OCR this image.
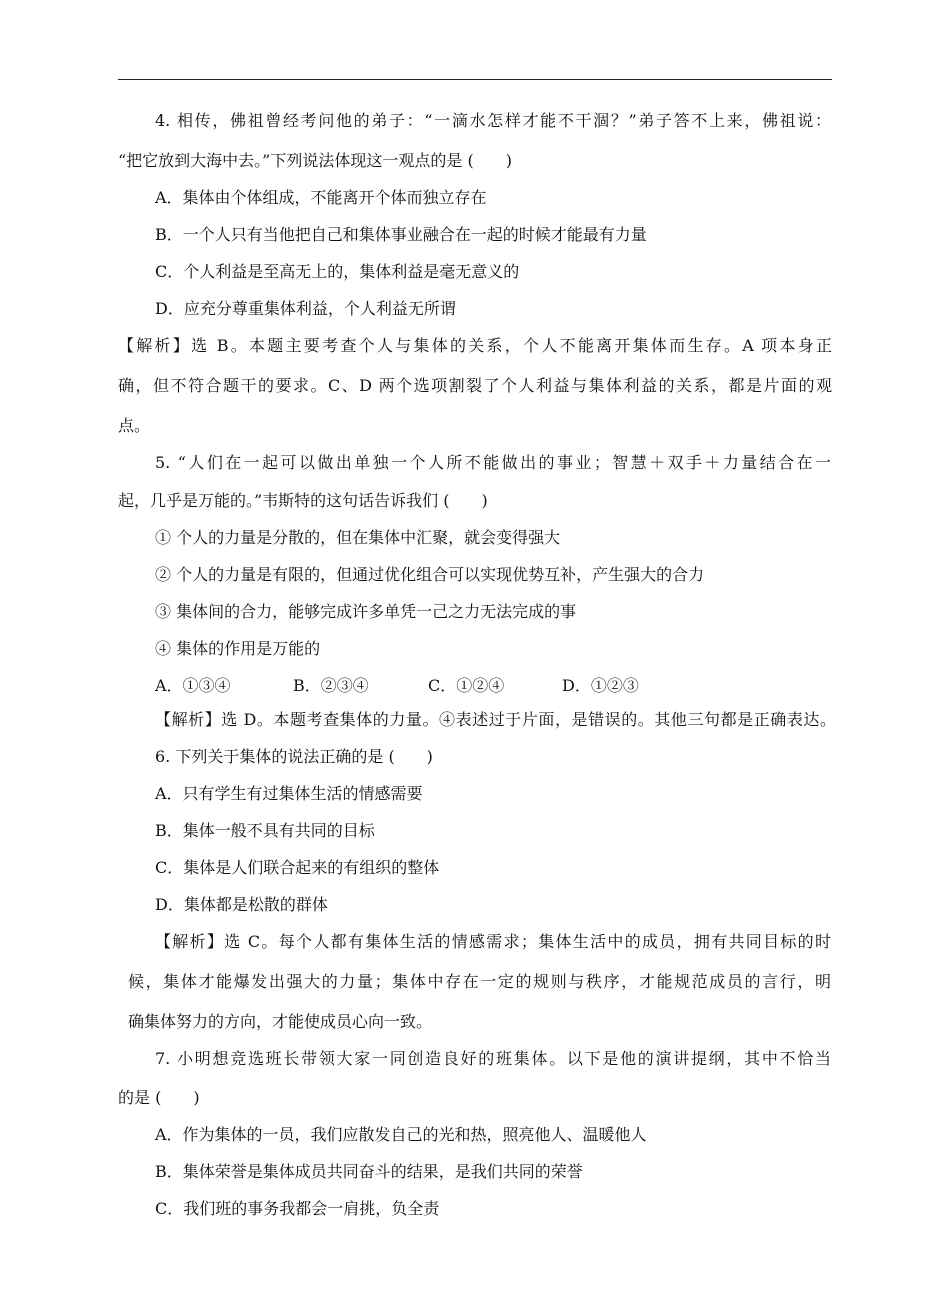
4. 相传，佛祖曾经考问他的弟子：“一滴水怎样才能不干涸？”弟子答不上来，佛祖说：

“把它放到大海中去。”下列说法体现这一观点的是 (　　)

A．集体由个体组成，不能离开个体而独立存在

B．一个人只有当他把自己和集体事业融合在一起的时候才能最有力量

C．个人利益是至高无上的，集体利益是毫无意义的

D．应充分尊重集体利益，个人利益无所谓

【解析】选 B。本题主要考查个人与集体的关系，个人不能离开集体而生存。A 项本身正

确，但不符合题干的要求。C、D 两个选项割裂了个人利益与集体利益的关系，都是片面的观

点。

5. “人们在一起可以做出单独一个人所不能做出的事业；智慧＋双手＋力量结合在一

起，几乎是万能的。”韦斯特的这句话告诉我们 (　　)

① 个人的力量是分散的，但在集体中汇聚，就会变得强大

② 个人的力量是有限的，但通过优化组合可以实现优势互补，产生强大的合力

③ 集体间的合力，能够完成许多单凭一己之力无法完成的事

④ 集体的作用是万能的

A．①③④	B．②③④	C．①②④	D．①②③

【解析】选 D。本题考查集体的力量。④表述过于片面，是错误的。其他三句都是正确表达。

6. 下列关于集体的说法正确的是 (　　)

A．只有学生有过集体生活的情感需要

B．集体一般不具有共同的目标

C．集体是人们联合起来的有组织的整体

D．集体都是松散的群体

【解析】选 C。每个人都有集体生活的情感需求；集体生活中的成员，拥有共同目标的时

候，集体才能爆发出强大的力量；集体中存在一定的规则与秩序，才能规范成员的言行，明

确集体努力的方向，才能使成员心向一致。

7. 小明想竞选班长带领大家一同创造良好的班集体。以下是他的演讲提纲，其中不恰当

的是 (　　)

A．作为集体的一员，我们应散发自己的光和热，照亮他人、温暖他人

B．集体荣誉是集体成员共同奋斗的结果，是我们共同的荣誉

C．我们班的事务我都会一肩挑，负全责
